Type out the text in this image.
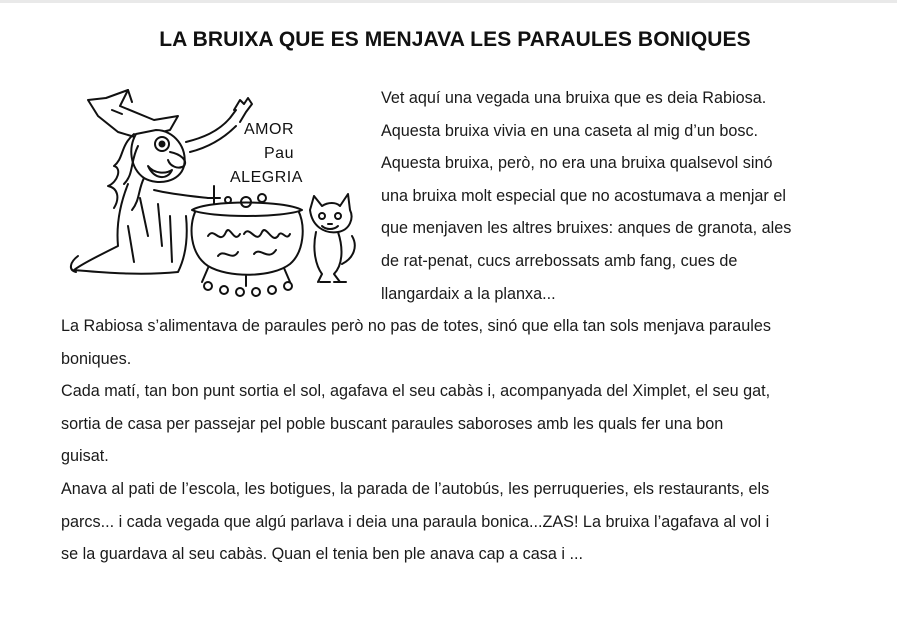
LA BRUIXA QUE ES MENJAVA LES PARAULES BONIQUES
AMOR
Pau
ALEGRIA

Vet aquí una vegada una bruixa que es deia Rabiosa.
Aquesta bruixa vivia en una caseta al mig d’un bosc.
Aquesta bruixa, però, no era una bruixa qualsevol sinó
una bruixa molt especial que no acostumava a menjar el
que menjaven les altres bruixes: anques de granota, ales
de rat-penat, cucs arrebossats amb fang, cues de
llangardaix a la planxa...

La Rabiosa s’alimentava de paraules però no pas de totes, sinó que ella tan sols menjava paraules
boniques.

Cada matí, tan bon punt sortia el sol, agafava el seu cabàs i, acompanyada del Ximplet, el seu gat,
sortia de casa per passejar pel poble buscant paraules saboroses amb les quals fer una bon
guisat.

Anava al pati de l’escola, les botigues, la parada de l’autobús, les perruqueries, els restaurants, els
parcs... i cada vegada que algú parlava i deia una paraula bonica...ZAS! La bruixa l’agafava al vol i
se la guardava al seu cabàs. Quan el tenia ben ple anava cap a casa i ...
